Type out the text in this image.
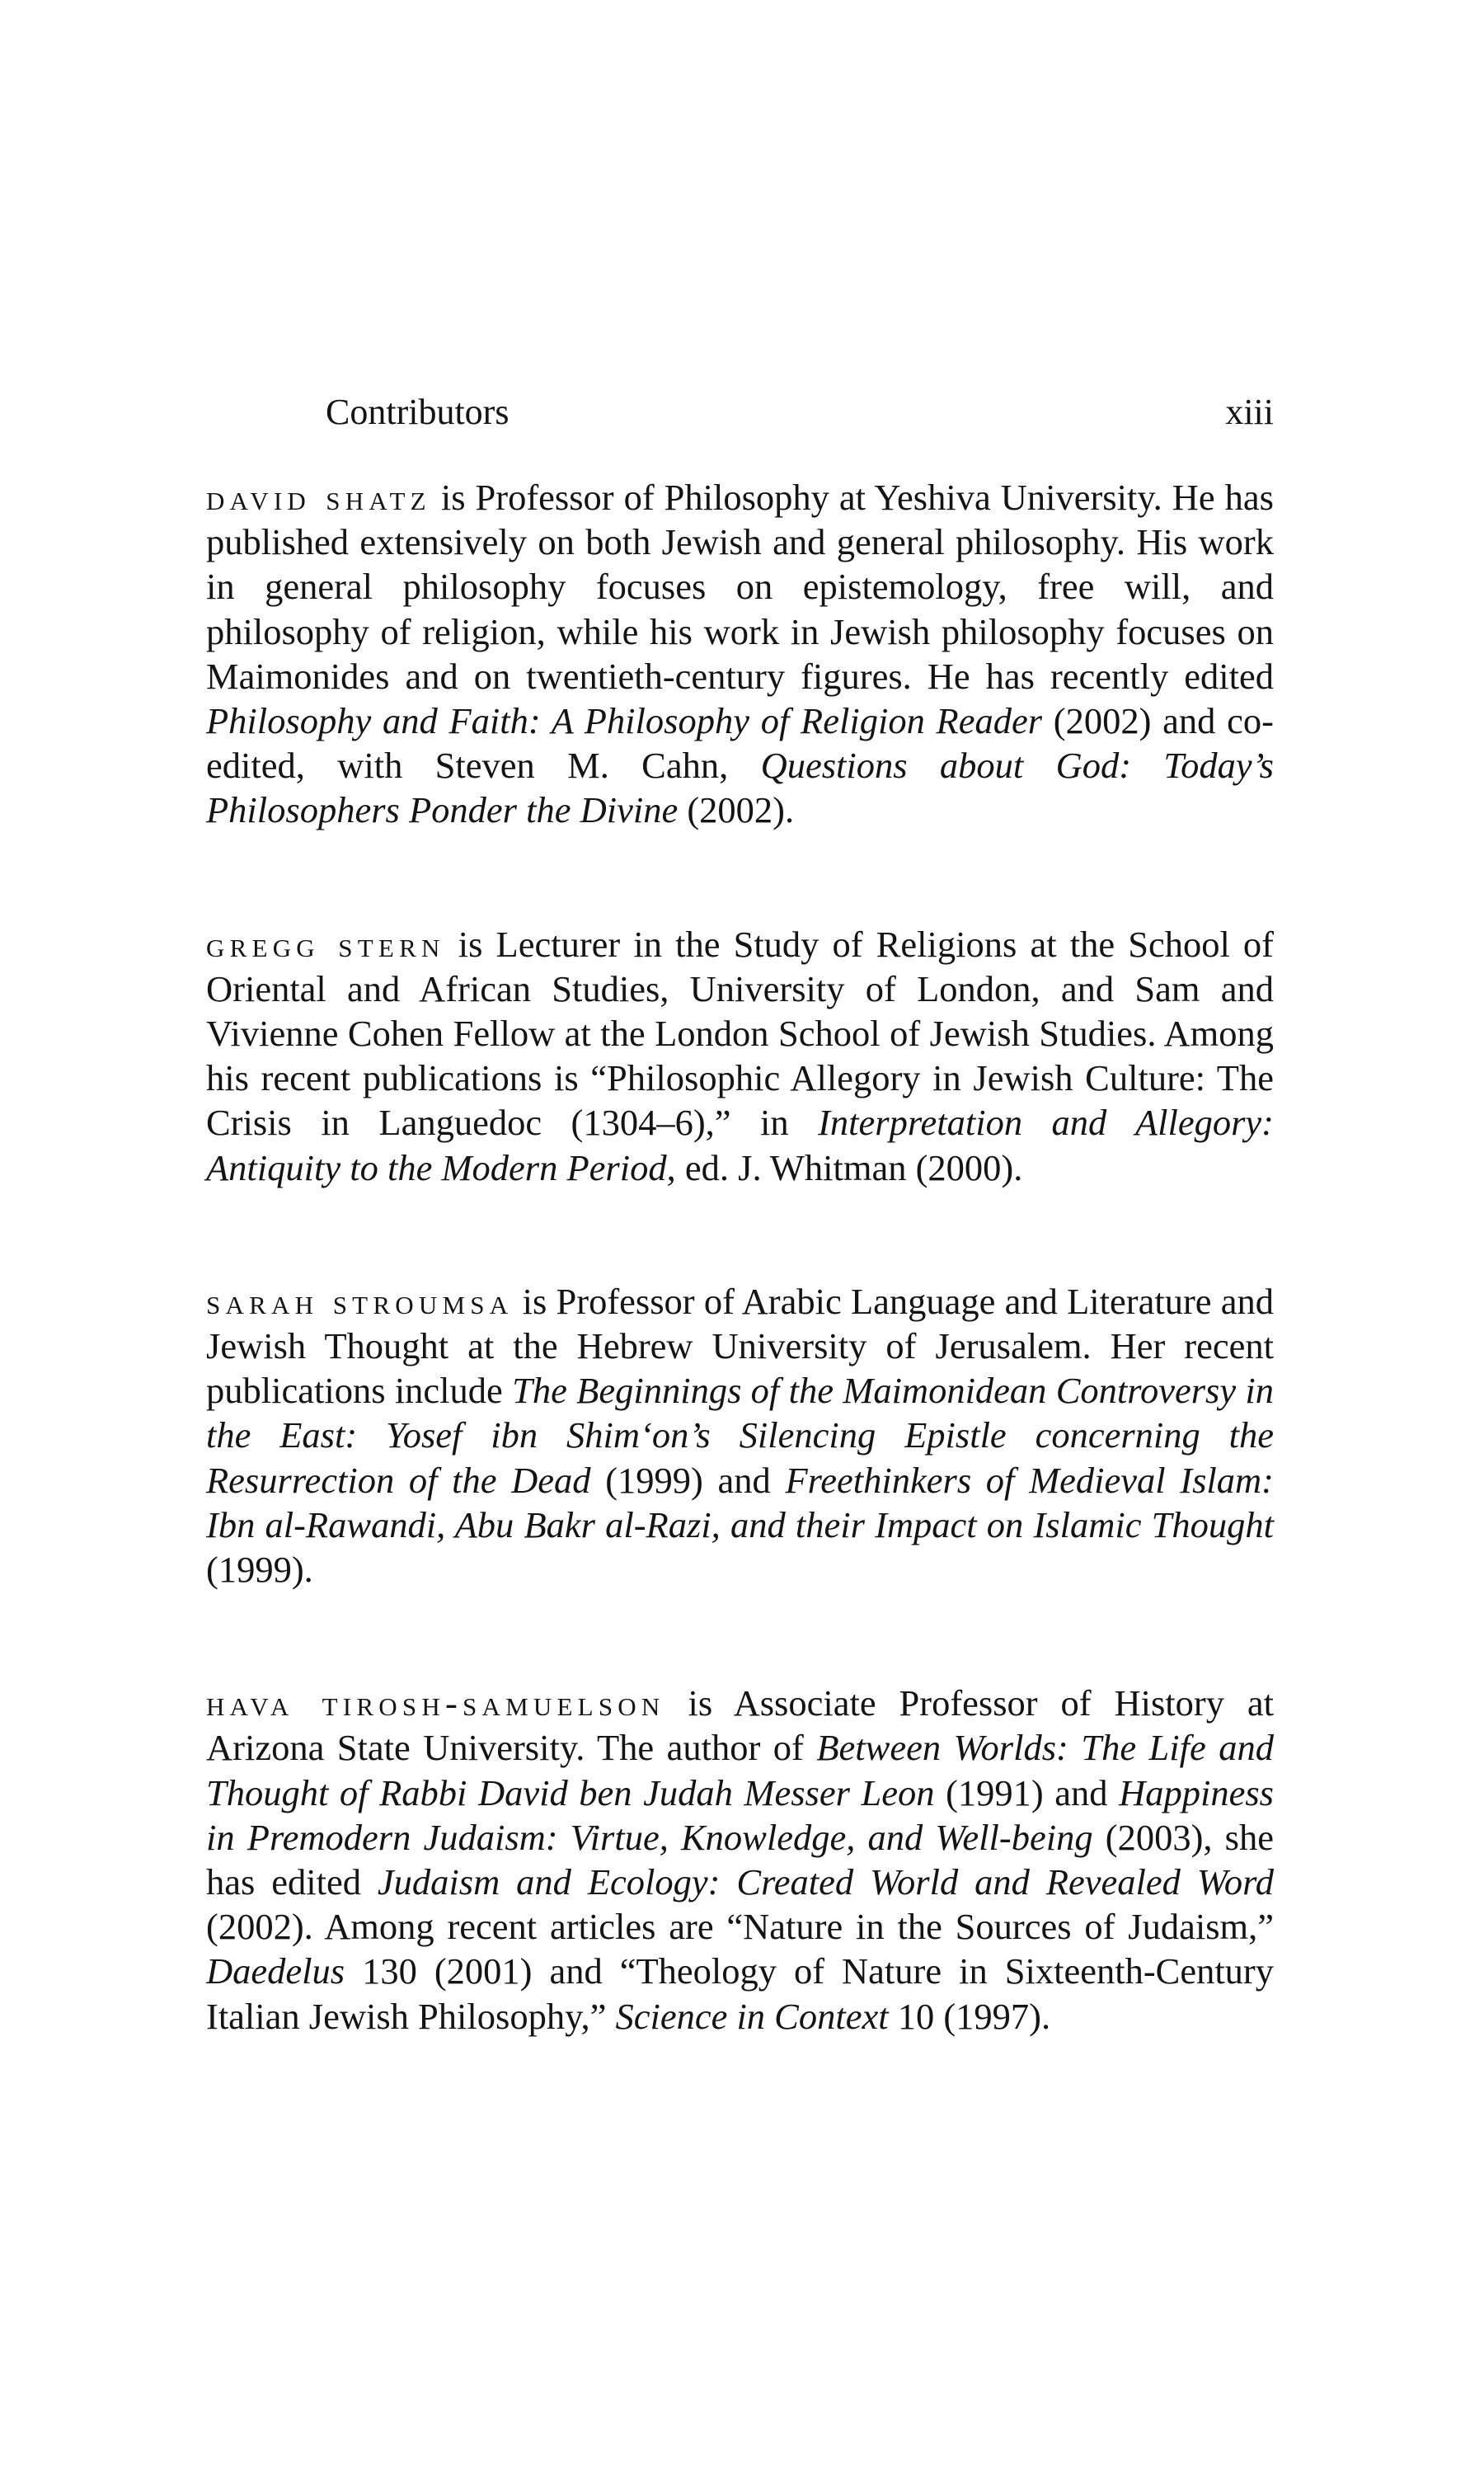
Contributors	xiii

david shatz is Professor of Philosophy at Yeshiva University. He has published extensively on both Jewish and general philosophy. His work in general philosophy focuses on epistemology, free will, and philosophy of religion, while his work in Jewish philosophy focuses on Maimonides and on twentieth-century figures. He has recently edited Philosophy and Faith: A Philosophy of Religion Reader (2002) and co-edited, with Steven M. Cahn, Questions about God: Today’s Philosophers Ponder the Divine (2002).

gregg stern is Lecturer in the Study of Religions at the School of Oriental and African Studies, University of London, and Sam and Vivienne Cohen Fellow at the London School of Jewish Studies. Among his recent publications is “Philosophic Allegory in Jewish Culture: The Crisis in Languedoc (1304–6),” in Interpretation and Allegory: Antiquity to the Modern Period, ed. J. Whitman (2000).

sarah stroumsa is Professor of Arabic Language and Literature and Jewish Thought at the Hebrew University of Jerusalem. Her recent publications include The Beginnings of the Maimonidean Controversy in the East: Yosef ibn Shim‘on’s Silencing Epistle concerning the Resurrection of the Dead (1999) and Freethinkers of Medieval Islam: Ibn al-Rawandi, Abu Bakr al-Razi, and their Impact on Islamic Thought (1999).

hava tirosh-samuelson is Associate Professor of History at Arizona State University. The author of Between Worlds: The Life and Thought of Rabbi David ben Judah Messer Leon (1991) and Happiness in Premodern Judaism: Virtue, Knowledge, and Well-being (2003), she has edited Judaism and Ecology: Created World and Revealed Word (2002). Among recent articles are “Nature in the Sources of Judaism,” Daedelus 130 (2001) and “Theology of Nature in Sixteenth-Century Italian Jewish Philosophy,” Science in Context 10 (1997).
